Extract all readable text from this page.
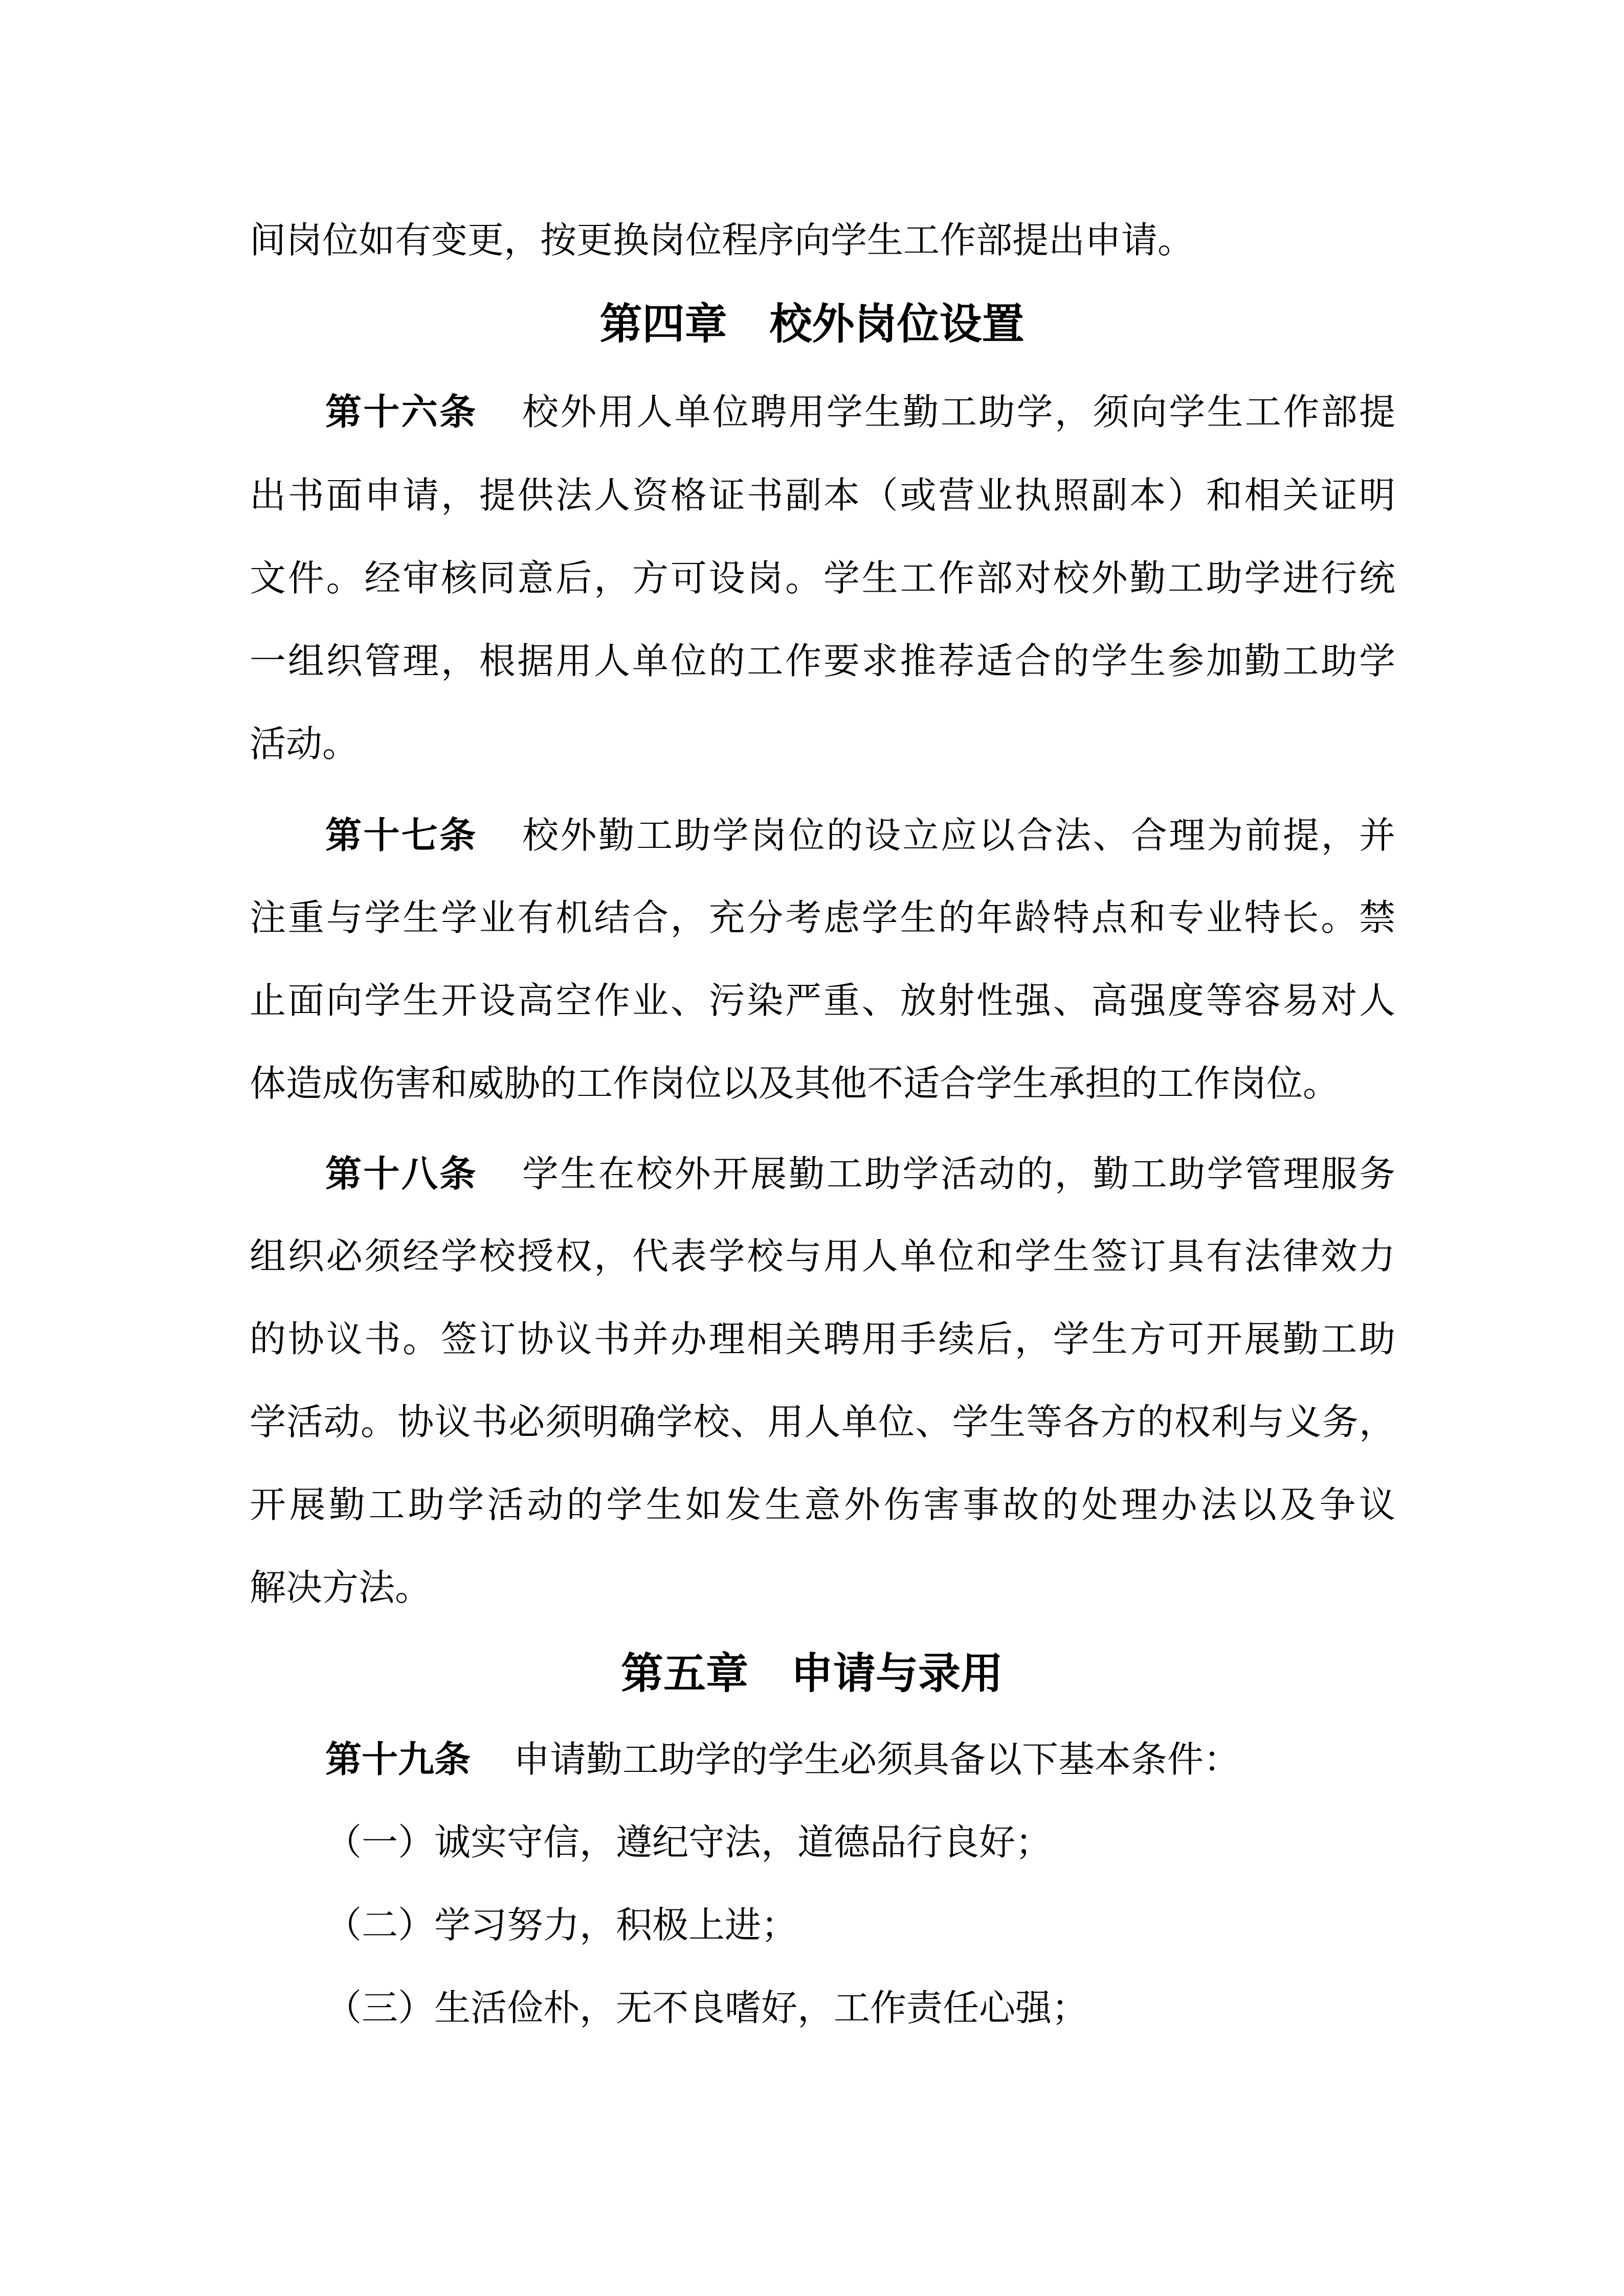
间岗位如有变更，按更换岗位程序向学生工作部提出申请。
第四章　校外岗位设置
第十六条 校外用人单位聘用学生勤工助学，须向学生工作部提
出书面申请，提供法人资格证书副本（或营业执照副本）和相关证明
文件。经审核同意后，方可设岗。学生工作部对校外勤工助学进行统
一组织管理，根据用人单位的工作要求推荐适合的学生参加勤工助学
活动。
第十七条 校外勤工助学岗位的设立应以合法、合理为前提，并
注重与学生学业有机结合，充分考虑学生的年龄特点和专业特长。禁
止面向学生开设高空作业、污染严重、放射性强、高强度等容易对人
体造成伤害和威胁的工作岗位以及其他不适合学生承担的工作岗位。
第十八条 学生在校外开展勤工助学活动的，勤工助学管理服务
组织必须经学校授权，代表学校与用人单位和学生签订具有法律效力
的协议书。签订协议书并办理相关聘用手续后，学生方可开展勤工助
学活动。协议书必须明确学校、用人单位、学生等各方的权利与义务，
开展勤工助学活动的学生如发生意外伤害事故的处理办法以及争议
解决方法。
第五章　申请与录用
第十九条 申请勤工助学的学生必须具备以下基本条件：
（一）诚实守信，遵纪守法，道德品行良好；
（二）学习努力，积极上进；
（三）生活俭朴，无不良嗜好，工作责任心强；
